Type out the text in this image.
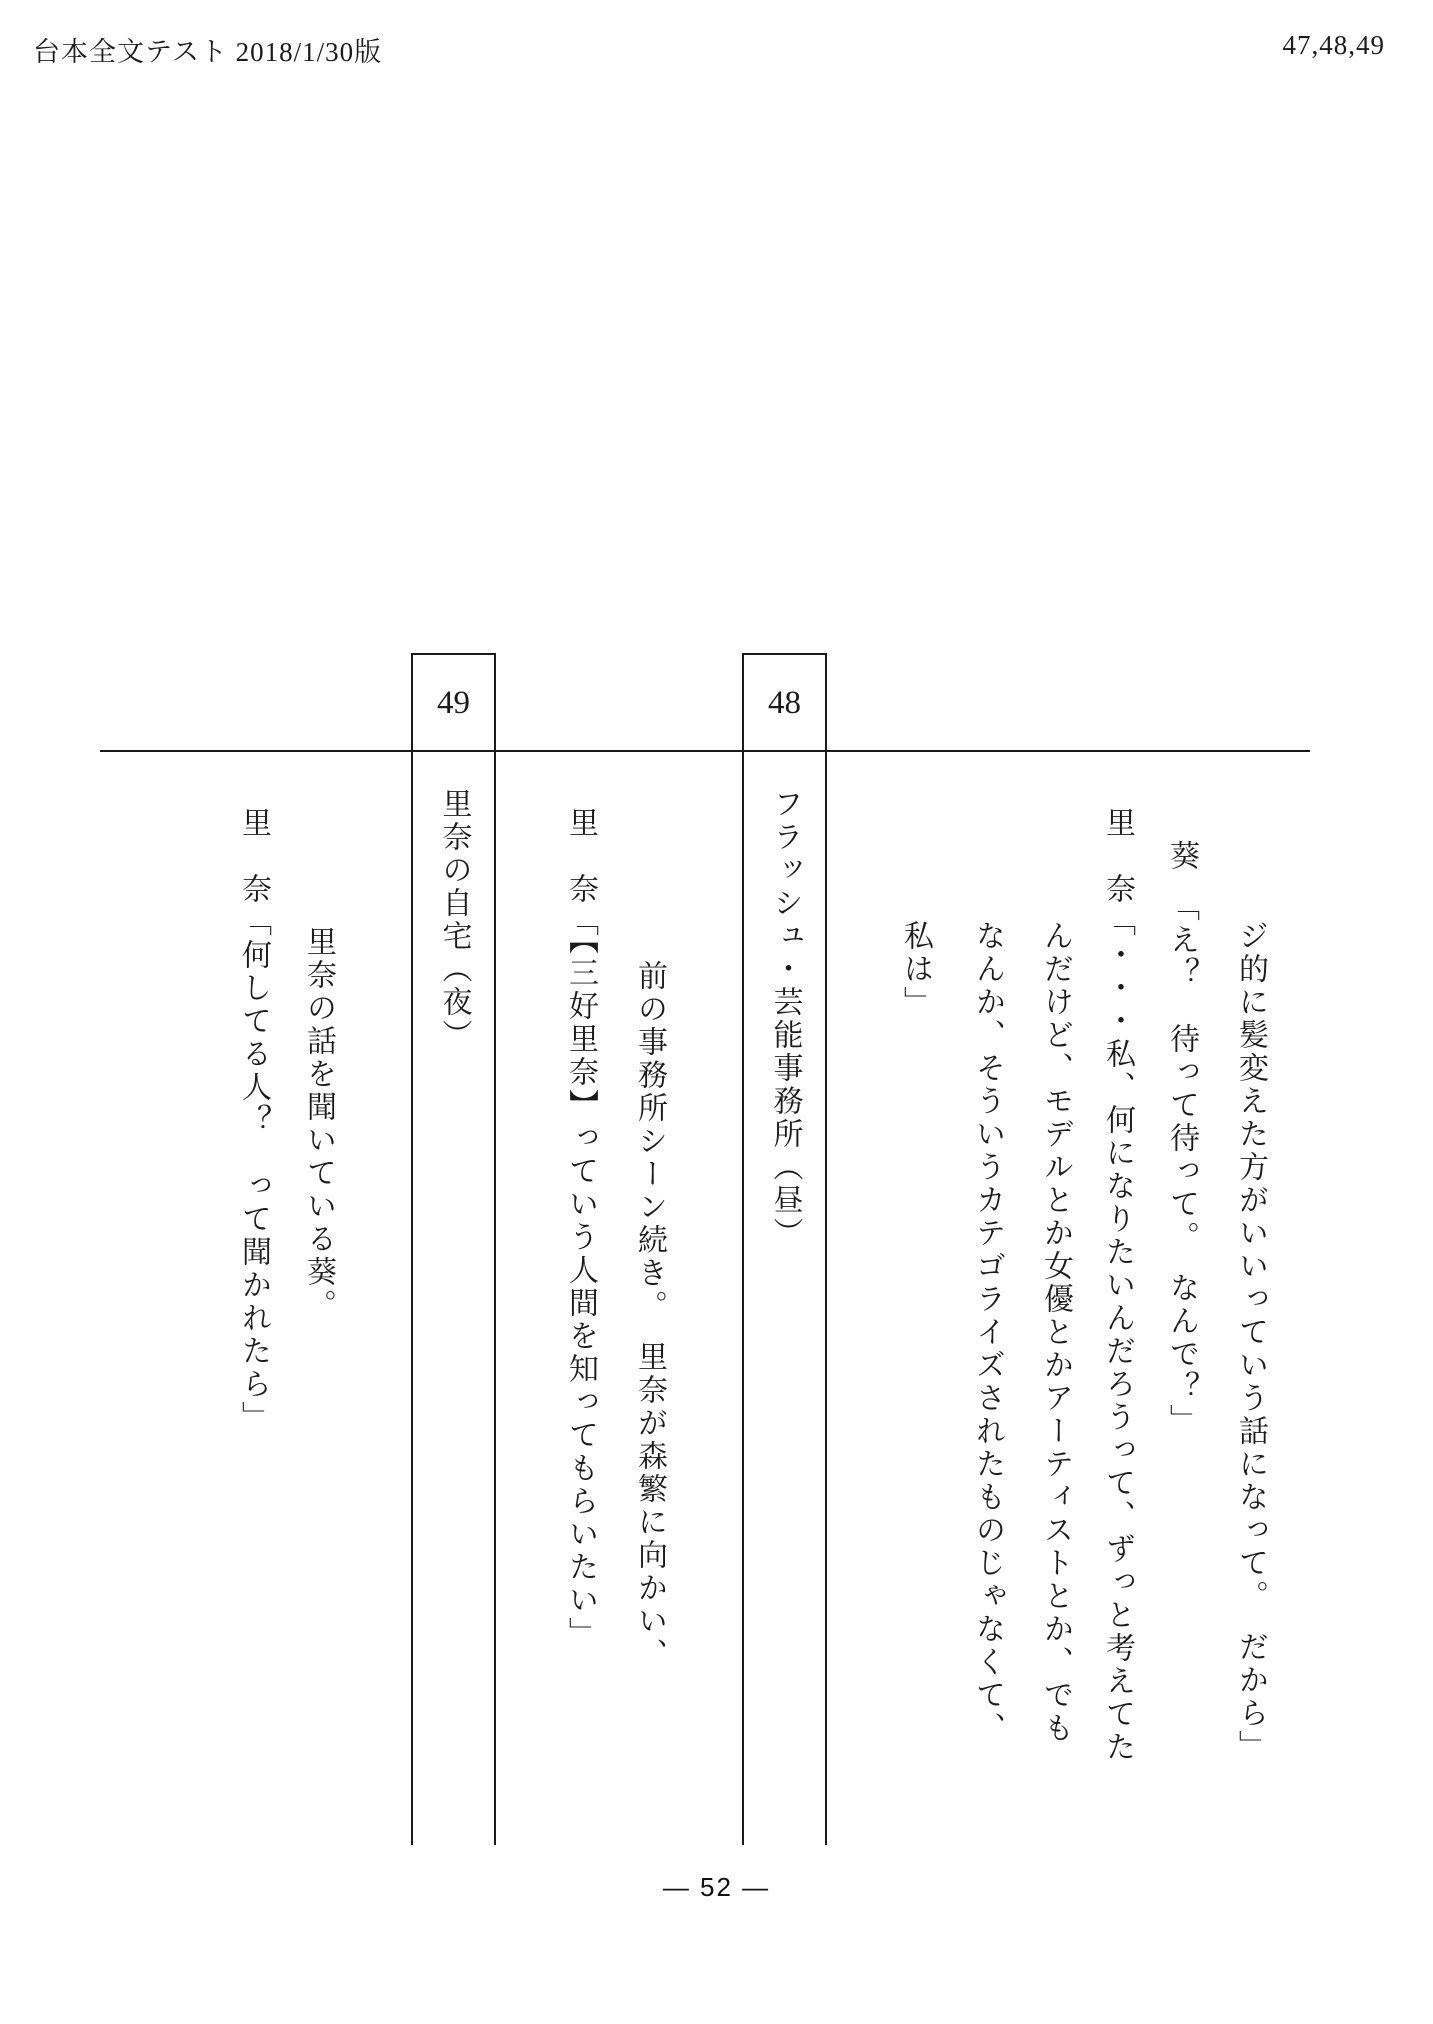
台本全文テスト 2018/1/30版	47,48,49
ジ的に髪変えた方がいいっていう話になって。　だから」

　葵　「え？　待って待って。　なんで？」

里　奈「・・・私、何になりたいんだろうって、ずっと考えてた

んだけど、モデルとか女優とかアーティストとか、でも
なんか、そういうカテゴライズされたものじゃなくて、
私は」
48
フラッシュ・芸能事務所（昼）
前の事務所シーン続き。　里奈が森繁に向かい、

里　奈「【三好里奈】っていう人間を知ってもらいたい」

49
里奈の自宅（夜）
里奈の話を聞いている葵。

里　奈「何してる人？　って聞かれたら」

— 52 —
